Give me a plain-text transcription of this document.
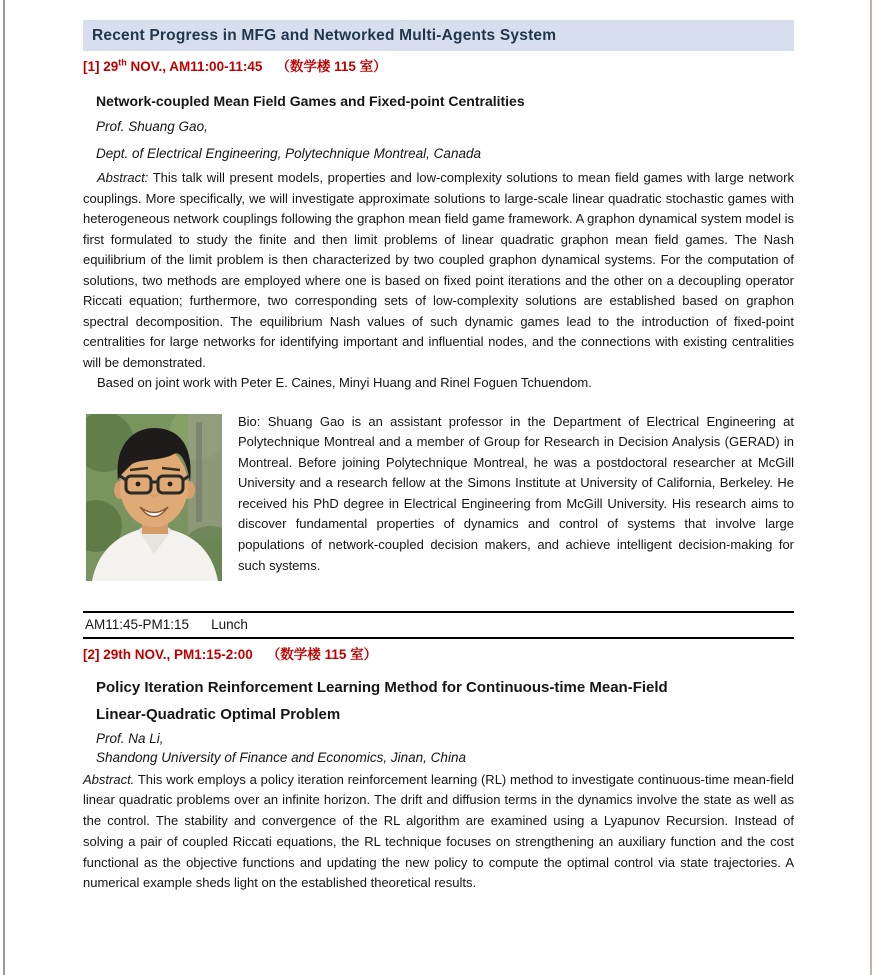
Recent Progress in MFG and Networked Multi-Agents System
[1] 29th NOV., AM11:00-11:45 （数学楼 115 室）
Network-coupled Mean Field Games and Fixed-point Centralities
Prof. Shuang Gao,
Dept. of Electrical Engineering, Polytechnique Montreal, Canada
Abstract: This talk will present models, properties and low-complexity solutions to mean field games with large network couplings. More specifically, we will investigate approximate solutions to large-scale linear quadratic stochastic games with heterogeneous network couplings following the graphon mean field game framework. A graphon dynamical system model is first formulated to study the finite and then limit problems of linear quadratic graphon mean field games. The Nash equilibrium of the limit problem is then characterized by two coupled graphon dynamical systems. For the computation of solutions, two methods are employed where one is based on fixed point iterations and the other on a decoupling operator Riccati equation; furthermore, two corresponding sets of low-complexity solutions are established based on graphon spectral decomposition. The equilibrium Nash values of such dynamic games lead to the introduction of fixed-point centralities for large networks for identifying important and influential nodes, and the connections with existing centralities will be demonstrated.
Based on joint work with Peter E. Caines, Minyi Huang and Rinel Foguen Tchuendom.
Bio: Shuang Gao is an assistant professor in the Department of Electrical Engineering at Polytechnique Montreal and a member of Group for Research in Decision Analysis (GERAD) in Montreal. Before joining Polytechnique Montreal, he was a postdoctoral researcher at McGill University and a research fellow at the Simons Institute at University of California, Berkeley. He received his PhD degree in Electrical Engineering from McGill University. His research aims to discover fundamental properties of dynamics and control of systems that involve large populations of network-coupled decision makers, and achieve intelligent decision-making for such systems.
AM11:45-PM1:15 Lunch
[2] 29th NOV., PM1:15-2:00 （数学楼 115 室）
Policy Iteration Reinforcement Learning Method for Continuous-time Mean-Field
Linear-Quadratic Optimal Problem
Prof. Na Li,
Shandong University of Finance and Economics, Jinan, China
Abstract. This work employs a policy iteration reinforcement learning (RL) method to investigate continuous-time mean-field linear quadratic problems over an infinite horizon. The drift and diffusion terms in the dynamics involve the state as well as the control. The stability and convergence of the RL algorithm are examined using a Lyapunov Recursion. Instead of solving a pair of coupled Riccati equations, the RL technique focuses on strengthening an auxiliary function and the cost functional as the objective functions and updating the new policy to compute the optimal control via state trajectories. A numerical example sheds light on the established theoretical results.
